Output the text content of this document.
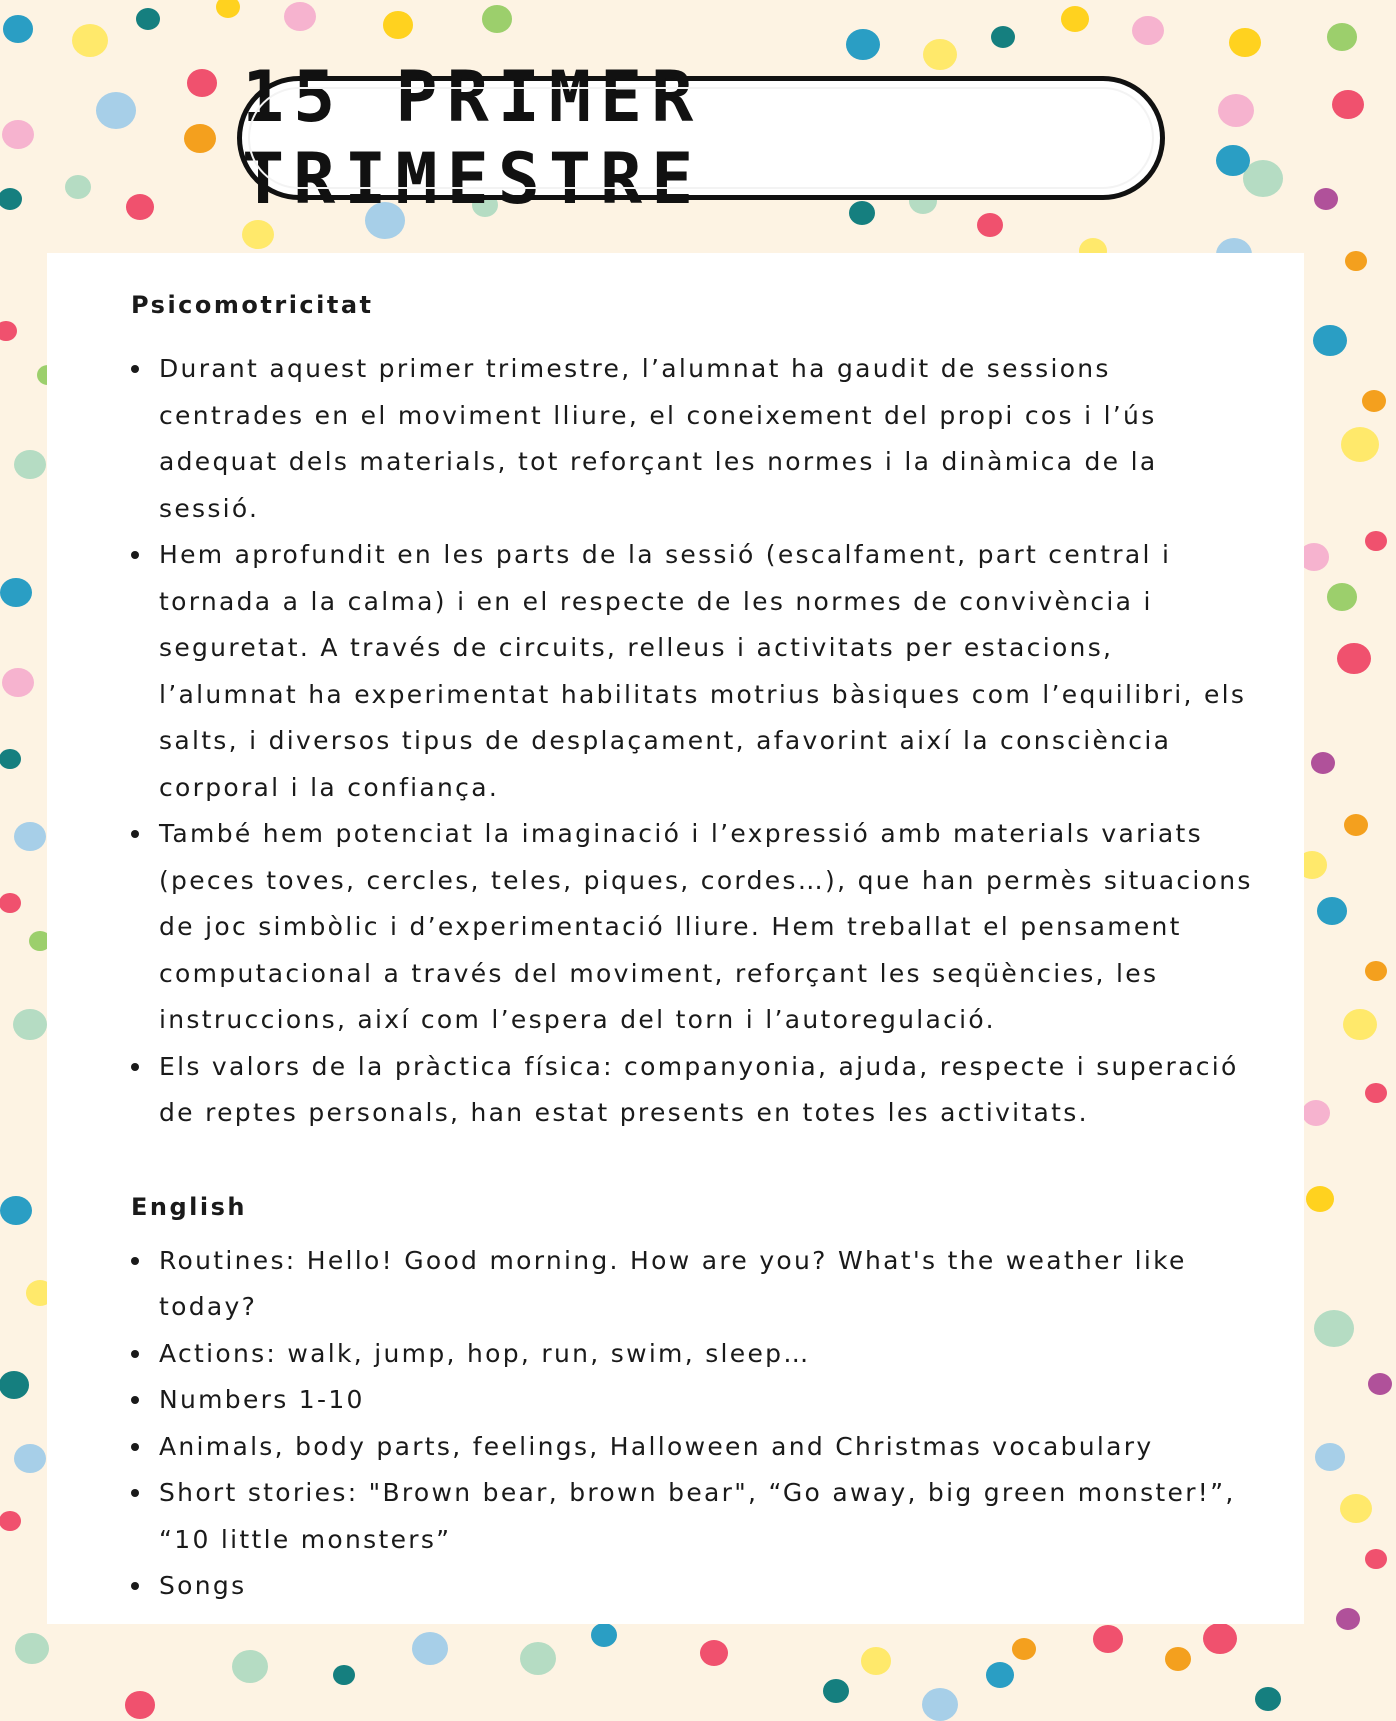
15 PRIMER TRIMESTRE
Psicomotricitat
Durant aquest primer trimestre, l’alumnat ha gaudit de sessions centrades en el moviment lliure, el coneixement del propi cos i l’ús adequat dels materials, tot reforçant les normes i la dinàmica de la sessió.
Hem aprofundit en les parts de la sessió (escalfament, part central i tornada a la calma) i en el respecte de les normes de convivència i seguretat. A través de circuits, relleus i activitats per estacions, l’alumnat ha experimentat habilitats motrius bàsiques com l’equilibri, els salts, i diversos tipus de desplaçament, afavorint així la consciència corporal i la confiança.
També hem potenciat la imaginació i l’expressió amb materials variats (peces toves, cercles, teles, piques, cordes…), que han permès situacions de joc simbòlic i d’experimentació lliure. Hem treballat el pensament computacional a través del moviment, reforçant les seqüències, les instruccions, així com l’espera del torn i l’autoregulació.
Els valors de la pràctica física: companyonia, ajuda, respecte i superació de reptes personals, han estat presents en totes les activitats.
English
Routines: Hello! Good morning. How are you? What's the weather like today?
Actions: walk, jump, hop, run, swim, sleep…
Numbers 1-10
Animals, body parts, feelings, Halloween and Christmas vocabulary
Short stories: "Brown bear, brown bear", “Go away, big green monster!”, “10 little monsters”
Songs
